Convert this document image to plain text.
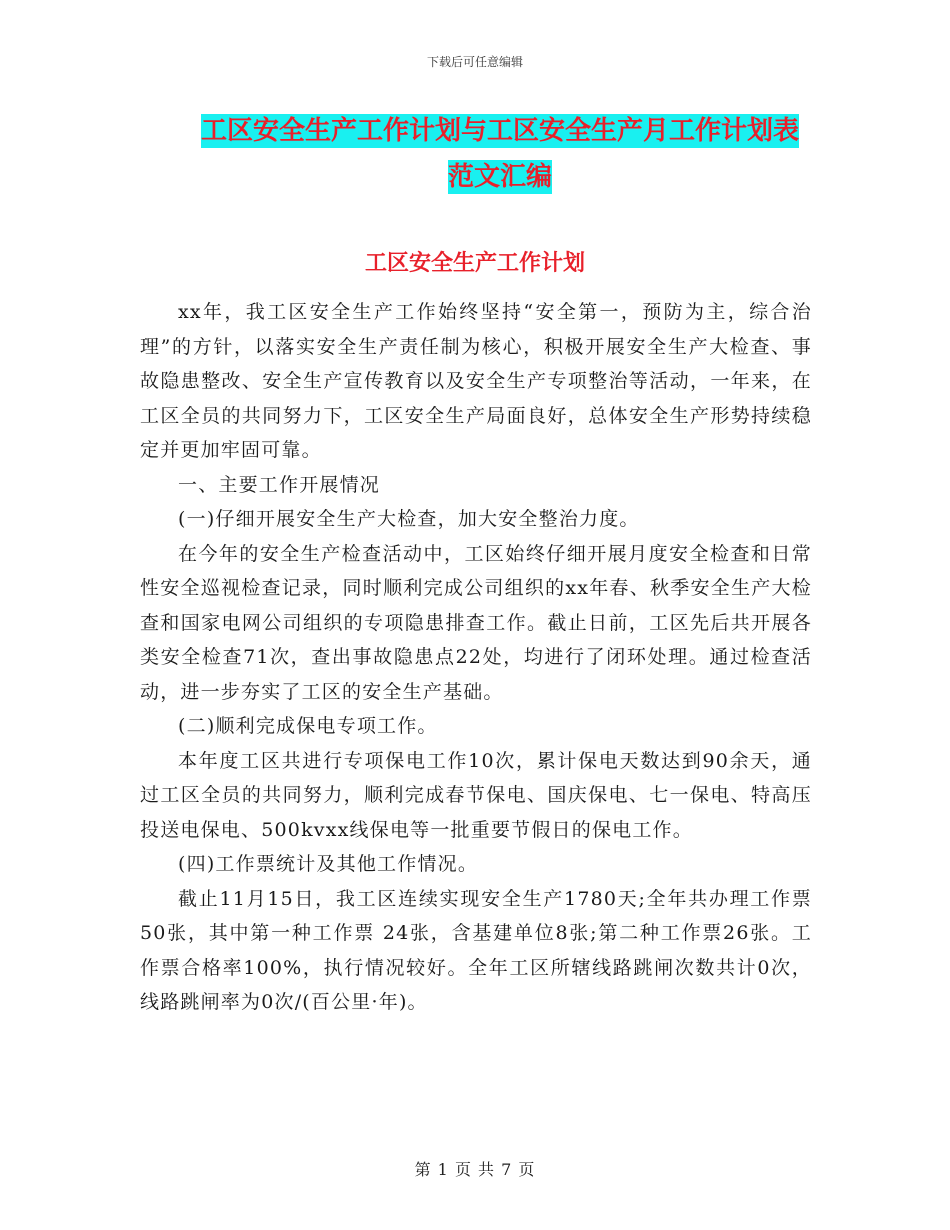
下载后可任意编辑
工区安全生产工作计划与工区安全生产月工作计划表
范文汇编
工区安全生产工作计划

xx年，我工区安全生产工作始终坚持“安全第一，预防为主，综合治理”的方针，以落实安全生产责任制为核心，积极开展安全生产大检查、事故隐患整改、安全生产宣传教育以及安全生产专项整治等活动，一年来，在工区全员的共同努力下，工区安全生产局面良好，总体安全生产形势持续稳定并更加牢固可靠。

一、主要工作开展情况

(一)仔细开展安全生产大检查，加大安全整治力度。

在今年的安全生产检查活动中，工区始终仔细开展月度安全检查和日常性安全巡视检查记录，同时顺利完成公司组织的xx年春、秋季安全生产大检查和国家电网公司组织的专项隐患排查工作。截止日前，工区先后共开展各类安全检查71次，查出事故隐患点22处，均进行了闭环处理。通过检查活动，进一步夯实了工区的安全生产基础。

(二)顺利完成保电专项工作。

本年度工区共进行专项保电工作10次，累计保电天数达到90余天，通过工区全员的共同努力，顺利完成春节保电、国庆保电、七一保电、特高压投送电保电、500kvxx线保电等一批重要节假日的保电工作。

(四)工作票统计及其他工作情况。

截止11月15日，我工区连续实现安全生产1780天;全年共办理工作票50张，其中第一种工作票 24张，含基建单位8张;第二种工作票26张。工作票合格率100%，执行情况较好。全年工区所辖线路跳闸次数共计0次，线路跳闸率为0次/(百公里·年)。

第 1 页 共 7 页
